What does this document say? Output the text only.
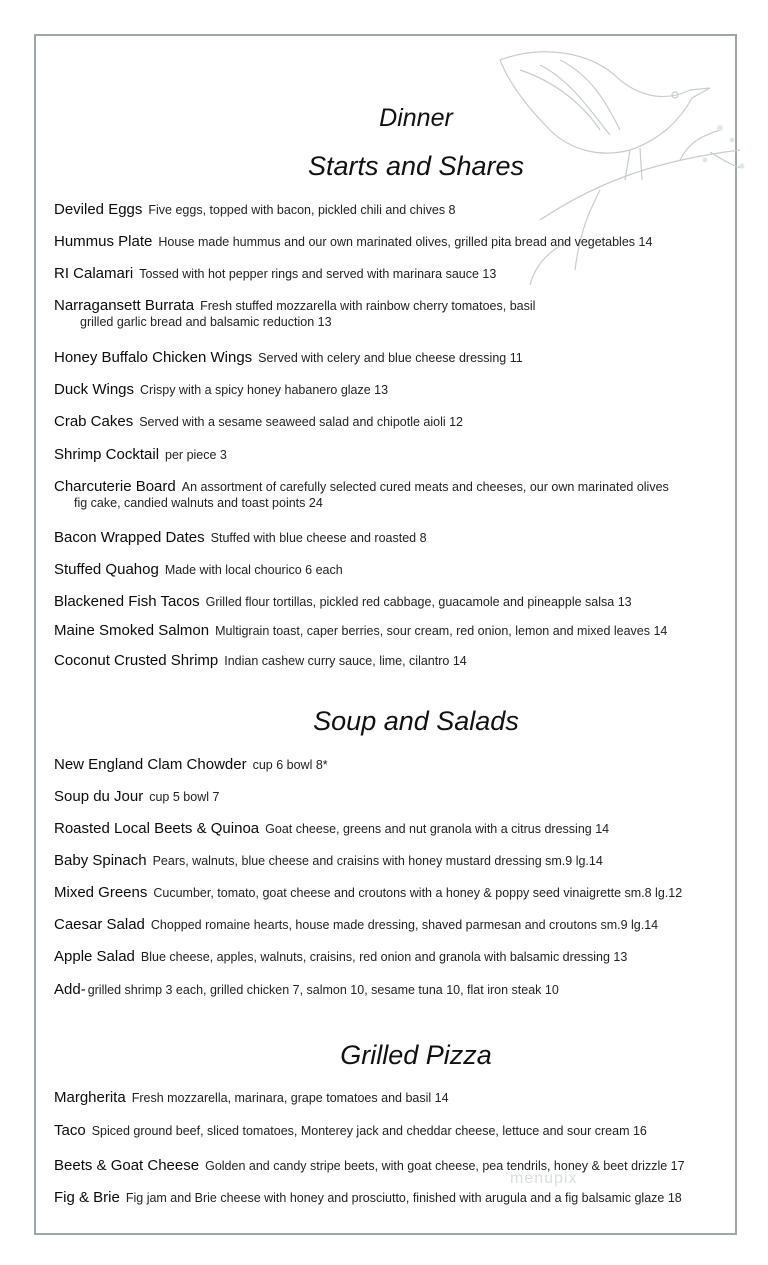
Dinner
Starts and Shares
Deviled Eggs Five eggs, topped with bacon, pickled chili and chives 8
Hummus Plate House made hummus and our own marinated olives, grilled pita bread and vegetables 14
RI Calamari Tossed with hot pepper rings and served with marinara sauce 13
Narragansett Burrata Fresh stuffed mozzarella with rainbow cherry tomatoes, basil
grilled garlic bread and balsamic reduction 13
Honey Buffalo Chicken Wings Served with celery and blue cheese dressing 11
Duck Wings Crispy with a spicy honey habanero glaze 13
Crab Cakes Served with a sesame seaweed salad and chipotle aioli 12
Shrimp Cocktail per piece 3
Charcuterie Board An assortment of carefully selected cured meats and cheeses, our own marinated olives
fig cake, candied walnuts and toast points 24
Bacon Wrapped Dates Stuffed with blue cheese and roasted 8
Stuffed Quahog Made with local chourico 6 each
Blackened Fish Tacos Grilled flour tortillas, pickled red cabbage, guacamole and pineapple salsa 13
Maine Smoked Salmon Multigrain toast, caper berries, sour cream, red onion, lemon and mixed leaves 14
Coconut Crusted Shrimp Indian cashew curry sauce, lime, cilantro 14
Soup and Salads
New England Clam Chowder cup 6 bowl 8*
Soup du Jour cup 5 bowl 7
Roasted Local Beets & Quinoa Goat cheese, greens and nut granola with a citrus dressing 14
Baby Spinach Pears, walnuts, blue cheese and craisins with honey mustard dressing sm.9 lg.14
Mixed Greens Cucumber, tomato, goat cheese and croutons with a honey & poppy seed vinaigrette sm.8 lg.12
Caesar Salad Chopped romaine hearts, house made dressing, shaved parmesan and croutons sm.9 lg.14
Apple Salad Blue cheese, apples, walnuts, craisins, red onion and granola with balsamic dressing 13
Add- grilled shrimp 3 each, grilled chicken 7, salmon 10, sesame tuna 10, flat iron steak 10
Grilled Pizza
Margherita Fresh mozzarella, marinara, grape tomatoes and basil 14
Taco Spiced ground beef, sliced tomatoes, Monterey jack and cheddar cheese, lettuce and sour cream 16
Beets & Goat Cheese Golden and candy stripe beets, with goat cheese, pea tendrils, honey & beet drizzle 17
Fig & Brie Fig jam and Brie cheese with honey and prosciutto, finished with arugula and a fig balsamic glaze 18
menupix
